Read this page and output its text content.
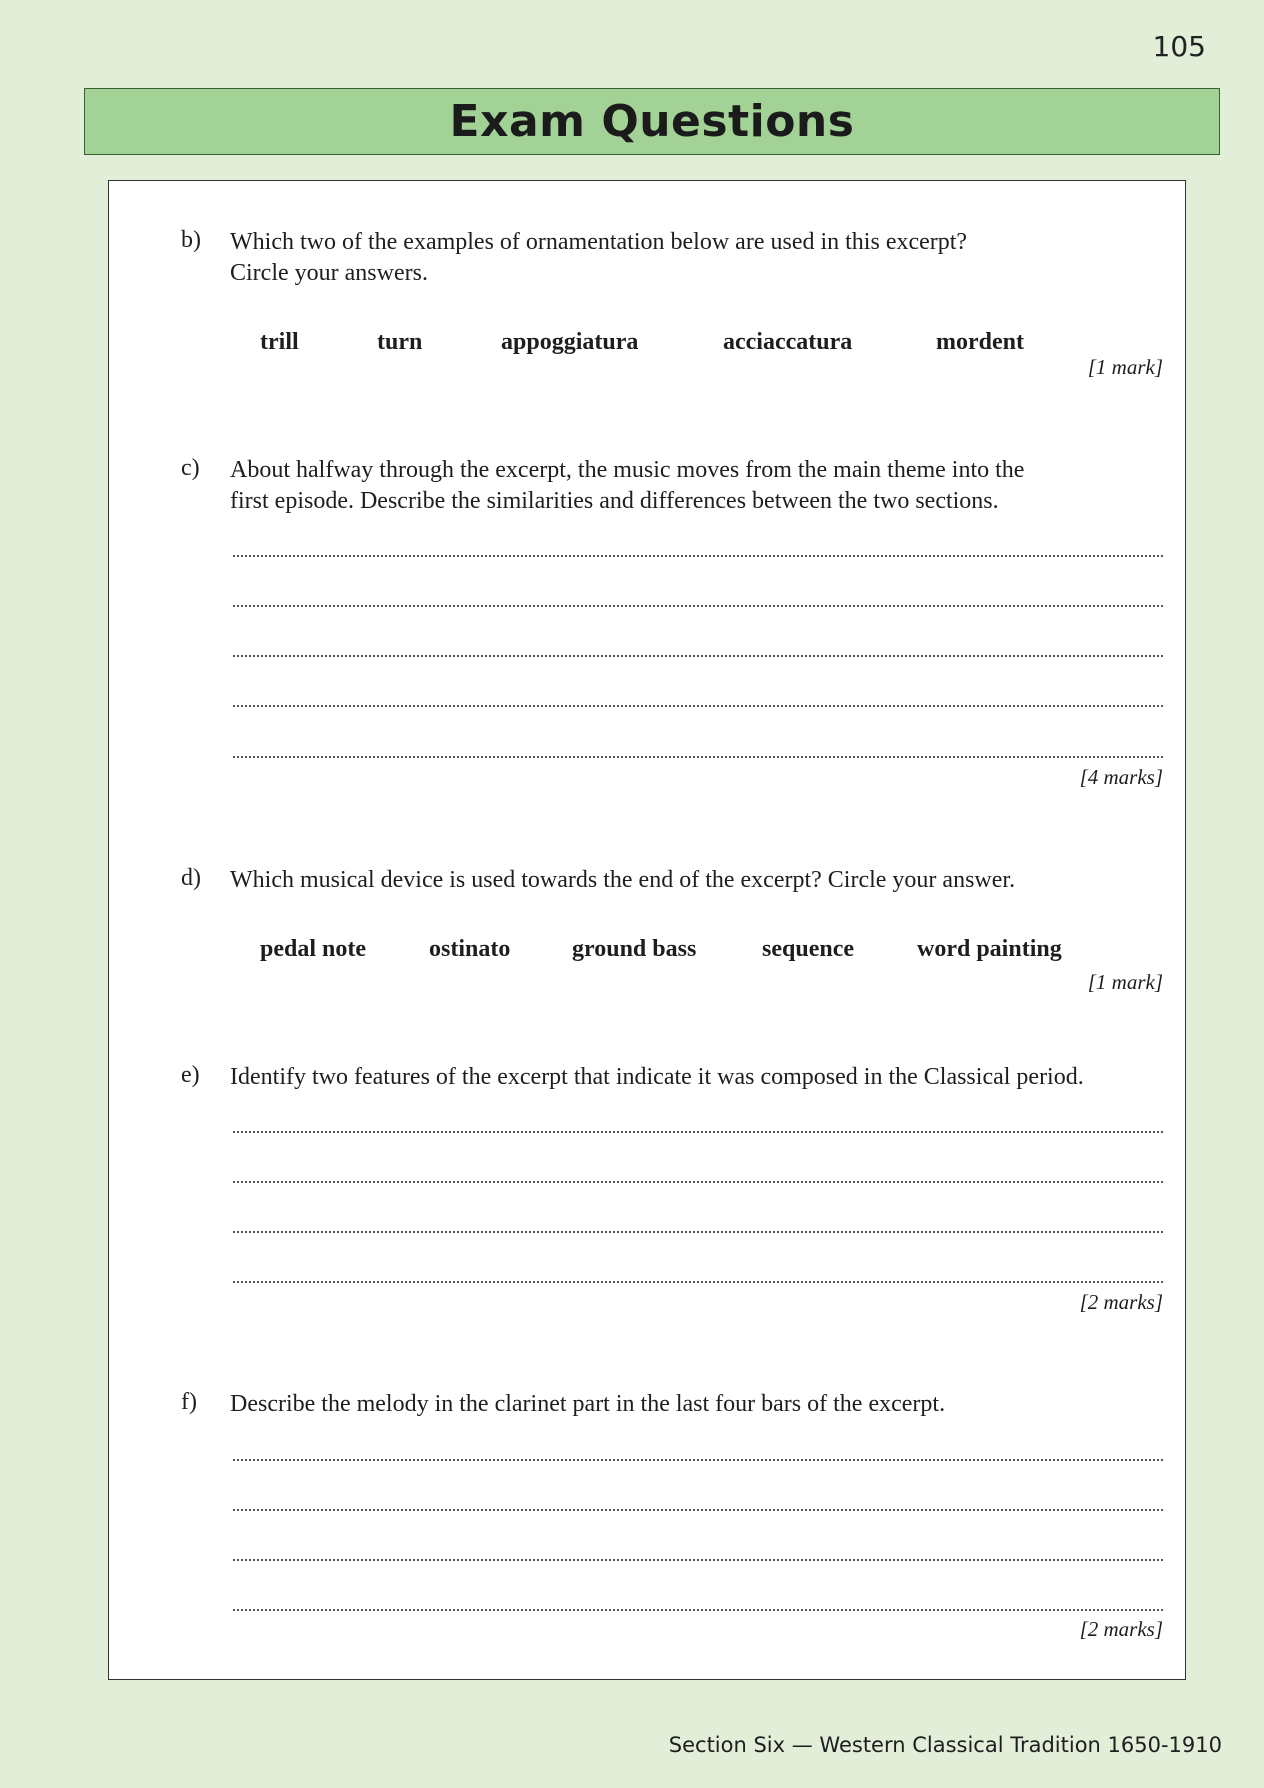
105
Exam Questions
b) Which two of the examples of ornamentation below are used in this excerpt?
Circle your answers.
trill	turn	appoggiatura	acciaccatura	mordent
[1 mark]
c) About halfway through the excerpt, the music moves from the main theme into the
first episode. Describe the similarities and differences between the two sections.
[4 marks]
d) Which musical device is used towards the end of the excerpt? Circle your answer.
pedal note	ostinato	ground bass	sequence	word painting
[1 mark]
e) Identify two features of the excerpt that indicate it was composed in the Classical period.
[2 marks]
f) Describe the melody in the clarinet part in the last four bars of the excerpt.
[2 marks]
Section Six — Western Classical Tradition 1650-1910
